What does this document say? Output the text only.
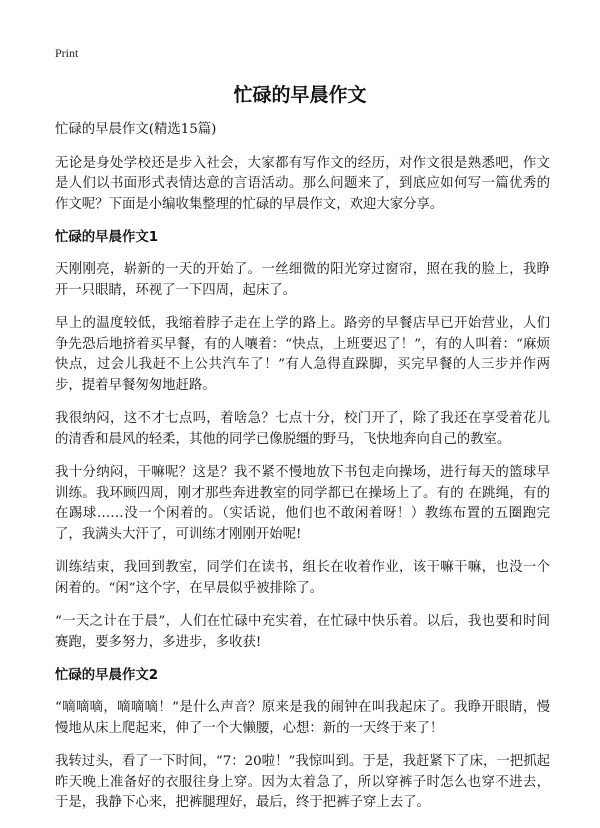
Print
忙碌的早晨作文

忙碌的早晨作文(精选15篇)

无论是身处学校还是步入社会，大家都有写作文的经历，对作文很是熟悉吧，作文是人们以书面形式表情达意的言语活动。那么问题来了，到底应如何写一篇优秀的作文呢？下面是小编收集整理的忙碌的早晨作文，欢迎大家分享。

忙碌的早晨作文1

天刚刚亮，崭新的一天的开始了。一丝细微的阳光穿过窗帘，照在我的脸上，我睁开一只眼睛，环视了一下四周，起床了。

早上的温度较低，我缩着脖子走在上学的路上。路旁的早餐店早已开始营业，人们争先恐后地挤着买早餐，有的人嚷着：“快点，上班要迟了！”，有的人叫着：“麻烦快点，过会儿我赶不上公共汽车了！”有人急得直跺脚，买完早餐的人三步并作两步，提着早餐匆匆地赶路。

我很纳闷，这不才七点吗，着啥急？七点十分，校门开了，除了我还在享受着花儿的清香和晨风的轻柔，其他的同学已像脱缰的野马，飞快地奔向自己的教室。

我十分纳闷，干嘛呢？这是？我不紧不慢地放下书包走向操场，进行每天的篮球早训练。我环顾四周，刚才那些奔进教室的同学都已在操场上了。有的 在跳绳，有的在踢球……没一个闲着的。（实话说，他们也不敢闲着呀！）教练布置的五圈跑完了，我满头大汗了，可训练才刚刚开始呢!

训练结束，我回到教室，同学们在读书，组长在收着作业，该干嘛干嘛，也没一个闲着的。“闲”这个字，在早晨似乎被排除了。

“一天之计在于晨”，人们在忙碌中充实着，在忙碌中快乐着。以后，我也要和时间赛跑，要多努力，多进步，多收获!

忙碌的早晨作文2

“嘀嘀嘀，嘀嘀嘀！”是什么声音？原来是我的闹钟在叫我起床了。我睁开眼睛，慢慢地从床上爬起来，伸了一个大懒腰，心想：新的一天终于来了！

我转过头，看了一下时间，“7：20啦！”我惊叫到。于是，我赶紧下了床，一把抓起昨天晚上准备好的衣服往身上穿。因为太着急了，所以穿裤子时怎么也穿不进去，于是，我静下心来，把裤腿理好，最后，终于把裤子穿上去了。
